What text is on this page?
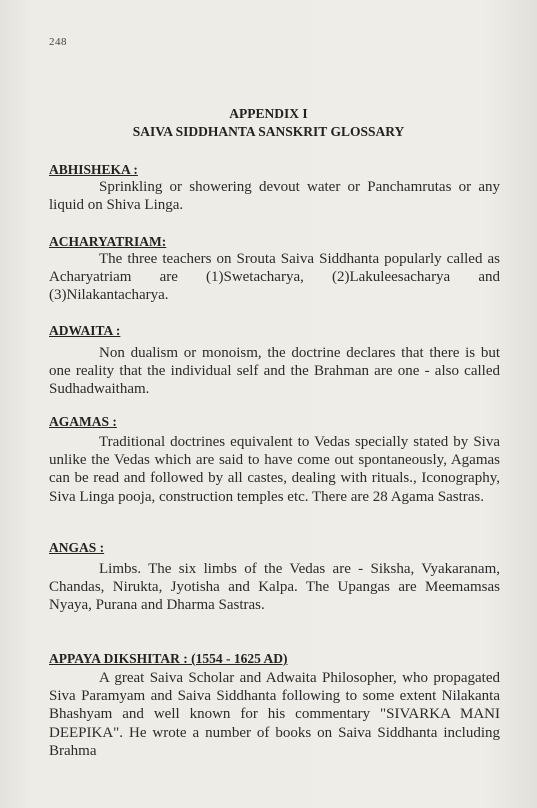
248
APPENDIX I
SAIVA SIDDHANTA SANSKRIT GLOSSARY
ABHISHEKA :
Sprinkling or showering devout water or Panchamrutas or any liquid on Shiva Linga.
ACHARYATRIAM:
The three teachers on Srouta Saiva Siddhanta popularly called as Acharyatriam are (1)Swetacharya, (2)Lakuleesacharya and (3)Nilakantacharya.
ADWAITA :
Non dualism or monoism, the doctrine declares that there is but one reality that the individual self and the Brahman are one - also called Sudhadwaitham.
AGAMAS :
Traditional doctrines equivalent to Vedas specially stated by Siva unlike the Vedas which are said to have come out spontaneously, Agamas can be read and followed by all castes, dealing with rituals., Iconography, Siva Linga pooja, construction temples etc. There are 28 Agama Sastras.
ANGAS :
Limbs. The six limbs of the Vedas are - Siksha, Vyakaranam, Chandas, Nirukta, Jyotisha and Kalpa. The Upangas are Meemamsas Nyaya, Purana and Dharma Sastras.
APPAYA DIKSHITAR : (1554 - 1625 AD)
A great Saiva Scholar and Adwaita Philosopher, who propagated Siva Paramyam and Saiva Siddhanta following to some extent Nilakanta Bhashyam and well known for his commentary "SIVARKA MANI DEEPIKA". He wrote a number of books on Saiva Siddhanta including Brahma
